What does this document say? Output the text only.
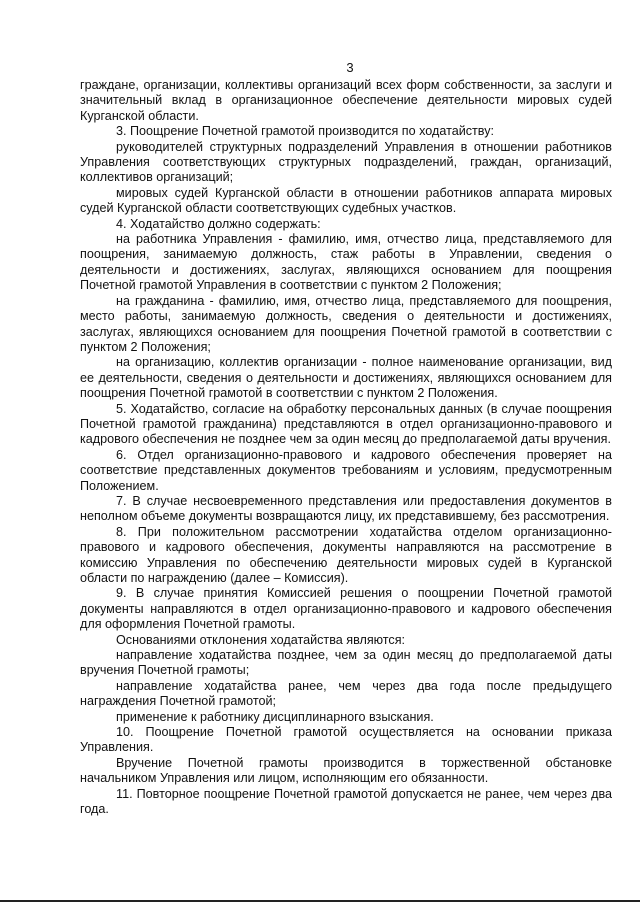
3

граждане, организации, коллективы организаций всех форм собственности, за заслуги и значительный вклад в организационное обеспечение деятельности мировых судей Курганской области.

3. Поощрение Почетной грамотой производится по ходатайству:

руководителей структурных подразделений Управления в отношении работников Управления соответствующих структурных подразделений, граждан, организаций, коллективов организаций;

мировых судей Курганской области в отношении работников аппарата мировых судей Курганской области соответствующих судебных участков.

4. Ходатайство должно содержать:

на работника Управления - фамилию, имя, отчество лица, представляемого для поощрения, занимаемую должность, стаж работы в Управлении, сведения о деятельности и достижениях, заслугах, являющихся основанием для поощрения Почетной грамотой Управления в соответствии с пунктом 2 Положения;

на гражданина - фамилию, имя, отчество лица, представляемого для поощрения, место работы, занимаемую должность, сведения о деятельности и достижениях, заслугах, являющихся основанием для поощрения Почетной грамотой в соответствии с пунктом 2 Положения;

на организацию, коллектив организации - полное наименование организации, вид ее деятельности, сведения о деятельности и достижениях, являющихся основанием для поощрения Почетной грамотой в соответствии с пунктом 2 Положения.

5. Ходатайство, согласие на обработку персональных данных (в случае поощрения Почетной грамотой гражданина) представляются в отдел организационно-правового и кадрового обеспечения не позднее чем за один месяц до предполагаемой даты вручения.

6. Отдел организационно-правового и кадрового обеспечения проверяет на соответствие представленных документов требованиям и условиям, предусмотренным Положением.

7. В случае несвоевременного представления или предоставления документов в неполном объеме документы возвращаются лицу, их представившему, без рассмотрения.

8. При положительном рассмотрении ходатайства отделом организационно-правового и кадрового обеспечения, документы направляются на рассмотрение в комиссию Управления по обеспечению деятельности мировых судей в Курганской области по награждению (далее – Комиссия).

9. В случае принятия Комиссией решения о поощрении Почетной грамотой документы направляются в отдел организационно-правового и кадрового обеспечения для оформления Почетной грамоты.

Основаниями отклонения ходатайства являются:

направление ходатайства позднее, чем за один месяц до предполагаемой даты вручения Почетной грамоты;

направление ходатайства ранее, чем через два года после предыдущего награждения Почетной грамотой;

применение к работнику дисциплинарного взыскания.

10. Поощрение Почетной грамотой осуществляется на основании приказа Управления.

Вручение Почетной грамоты производится в торжественной обстановке начальником Управления или лицом, исполняющим его обязанности.

11. Повторное поощрение Почетной грамотой допускается не ранее, чем через два года.
